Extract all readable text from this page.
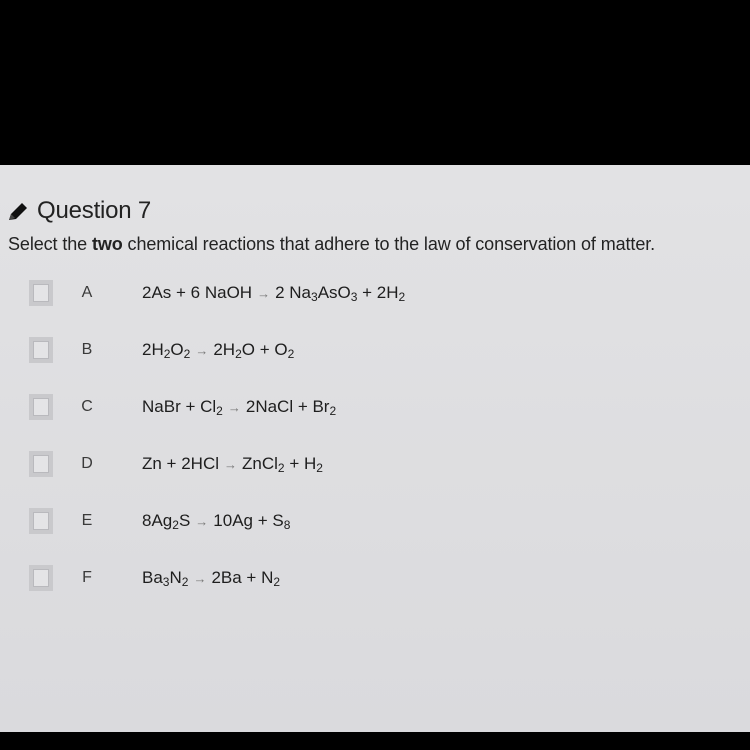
Question 7
Select the two chemical reactions that adhere to the law of conservation of matter.
A	2As + 6 NaOH → 2 $Na_3AsO_3 + 2H_2$
B	$2H_2O_2 \to 2H_2O + O_2$
C	NaBr + $Cl_2$ → 2NaCl + $Br_2$
D	Zn + 2HCl → ZnCl$_2$ + $H_2$
E	$8Ag_2S \to 10Ag + S_8$
F	$Ba_3N_2 \to 2Ba + N_2$
